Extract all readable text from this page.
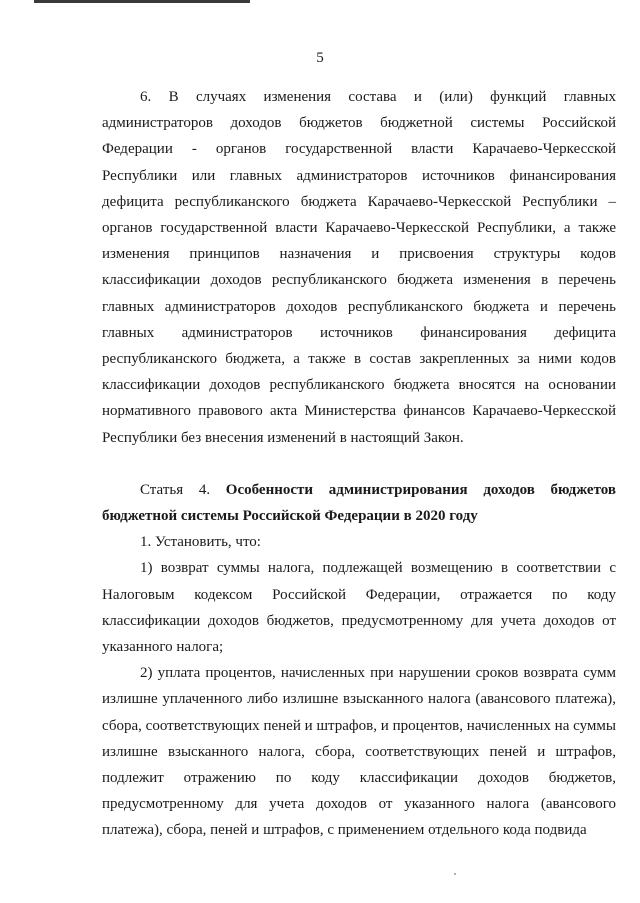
5

6. В случаях изменения состава и (или) функций главных администраторов доходов бюджетов бюджетной системы Российской Федерации - органов государственной власти Карачаево-Черкесской Республики или главных администраторов источников финансирования дефицита республиканского бюджета Карачаево-Черкесской Республики – органов государственной власти Карачаево-Черкесской Республики, а также изменения принципов назначения и присвоения структуры кодов классификации доходов республиканского бюджета изменения в перечень главных администраторов доходов республиканского бюджета и перечень главных администраторов источников финансирования дефицита республиканского бюджета, а также в состав закрепленных за ними кодов классификации доходов республиканского бюджета вносятся на основании нормативного правового акта Министерства финансов Карачаево-Черкесской Республики без внесения изменений в настоящий Закон.

Статья 4. Особенности администрирования доходов бюджетов бюджетной системы Российской Федерации в 2020 году

1. Установить, что:

1) возврат суммы налога, подлежащей возмещению в соответствии с Налоговым кодексом Российской Федерации, отражается по коду классификации доходов бюджетов, предусмотренному для учета доходов от указанного налога;

2) уплата процентов, начисленных при нарушении сроков возврата сумм излишне уплаченного либо излишне взысканного налога (авансового платежа), сбора, соответствующих пеней и штрафов, и процентов, начисленных на суммы излишне взысканного налога, сбора, соответствующих пеней и штрафов, подлежит отражению по коду классификации доходов бюджетов, предусмотренному для учета доходов от указанного налога (авансового платежа), сбора, пеней и штрафов, с применением отдельного кода подвида
